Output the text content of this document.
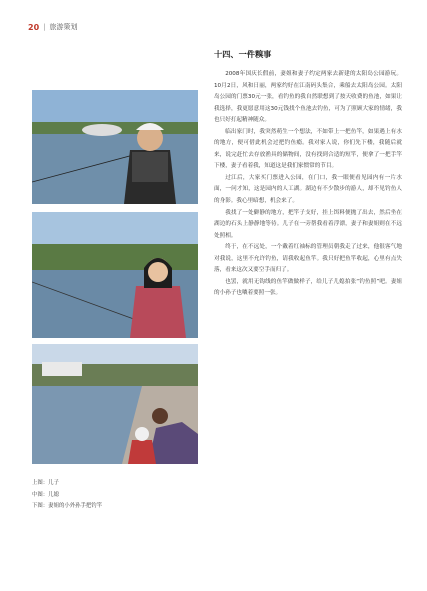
20 | 旅游策划
上图：儿子
中图：儿媳
下图：妻姐的小外孙手把钓竿
十四、一件糗事

2008年国庆长假前，妻姐和妻子约定两家去新建的太阳岛公园游玩。10月2日，风和日丽，两家约好在江南码头集合，乘船去太阳岛公园。太阳岛公园的门票30元一张，看钓鱼的我自然联想到了按天收费的鱼池，如果让我选择，我更愿意用这30元钱找个鱼池去钓鱼，可为了照顾大家的情绪，我也只好打起精神随众。

临出家门时，我突然萌生一个想法，不如带上一把鱼竿，如果遇上有水的地方，便可借此机会过把钓鱼瘾。我对家人说，你们先下楼，我随后就来，说完赶忙去存放渔具的储物间，没有找到合适的短竿，便拿了一把手竿下楼，妻子看着我，知道这是我们家惯常的节目。

过江后，大家买门票进入公园，在门口，我一眼便看见园内有一片水面，一问才知，这是园内的人工湖。湖边有不少散步的游人，却不见钓鱼人的身影。我心里暗想，机会来了。

我找了一处僻静的地方，把竿子支好，挂上饵料便抛了出去，然后坐在湖边的石头上静静地等待。儿子在一旁帮我看着浮漂，妻子和妻姐则在不远处照相。

终于，在不远处，一个戴着红袖标的管理员朝我走了过来，他很客气地对我说，这里不允许钓鱼，请我收起鱼竿。我只好把鱼竿收起，心里有点失落，看来这次又要空手而归了。

也罢，就用无钩线的鱼竿做做样子，给儿子儿媳拍张“钓鱼照”吧。妻姐的小孙子也嚷着要照一张。
